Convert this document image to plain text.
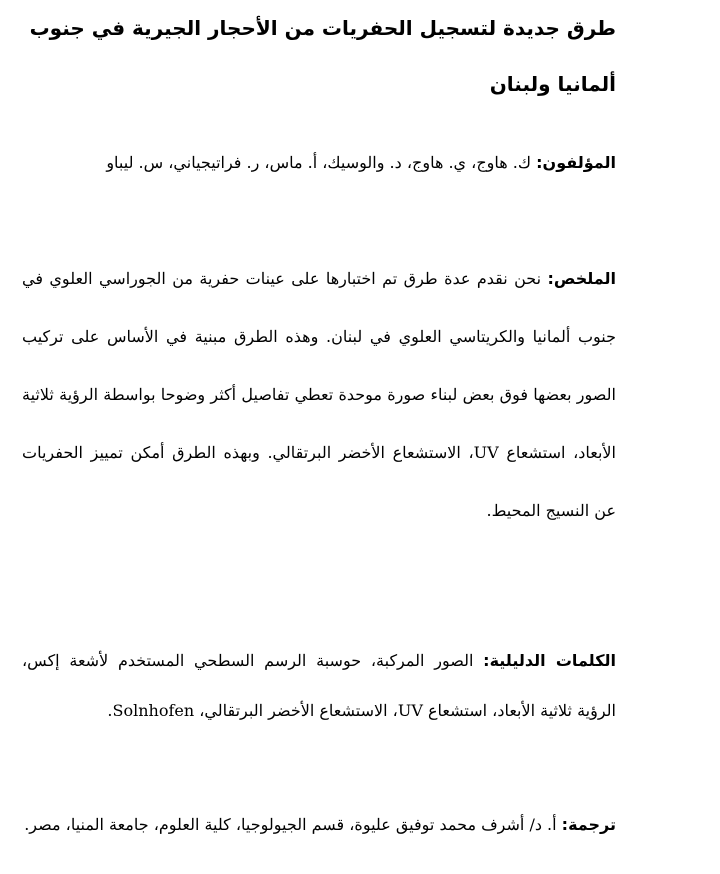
طرق جديدة لتسجيل الحفريات من الأحجار الجيرية في جنوب ألمانيا ولبنان

المؤلفون: ك. هاوج، ي. هاوج، د. والوسيك، أ. ماس، ر. فراتيجياني، س. ليباو

الملخص: نحن نقدم عدة طرق تم اختبارها على عينات حفرية من الجوراسي العلوي في جنوب ألمانيا والكريتاسي العلوي في لبنان. وهذه الطرق مبنية في الأساس على تركيب الصور بعضها فوق بعض لبناء صورة موحدة تعطي تفاصيل أكثر وضوحا بواسطة الرؤية ثلاثية الأبعاد، استشعاع UV، الاستشعاع الأخضر البرتقالي. وبهذه الطرق أمكن تمييز الحفريات عن النسيج المحيط.

الكلمات الدليلية: الصور المركبة، حوسبة الرسم السطحي المستخدم لأشعة إكس، الرؤية ثلاثية الأبعاد، استشعاع UV، الاستشعاع الأخضر البرتقالي، Solnhofen.

ترجمة: أ. د/ أشرف محمد توفيق عليوة، قسم الجيولوجيا، كلية العلوم، جامعة المنيا، مصر.
